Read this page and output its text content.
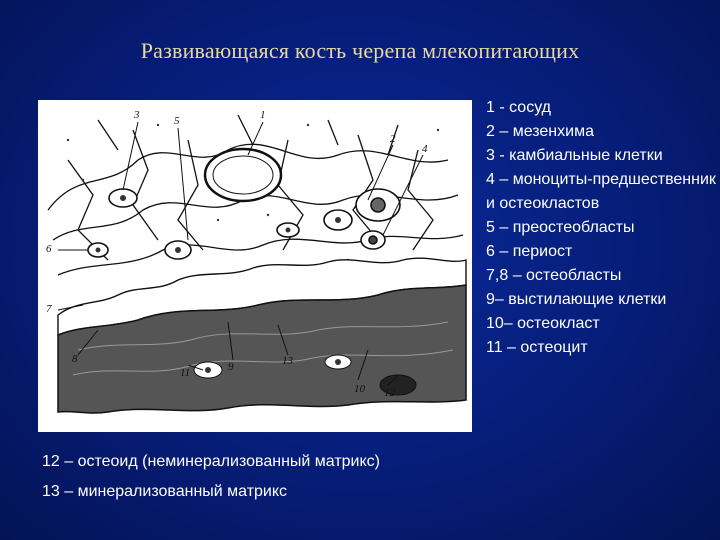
Развивающаяся кость черепа млекопитающих
3	5	1
2
4
6
7
8
9
10
11
12
13
1 - сосуд
2 – мезенхима
3 - камбиальные клетки
4 – моноциты-предшественник и остеокластов
5 – преостеобласты
6 – периост
7,8 – остеобласты
9– выстилающие клетки
10– остеокласт
11 – остеоцит
12 – остеоид (неминерализованный матрикс)
13 – минерализованный матрикс
